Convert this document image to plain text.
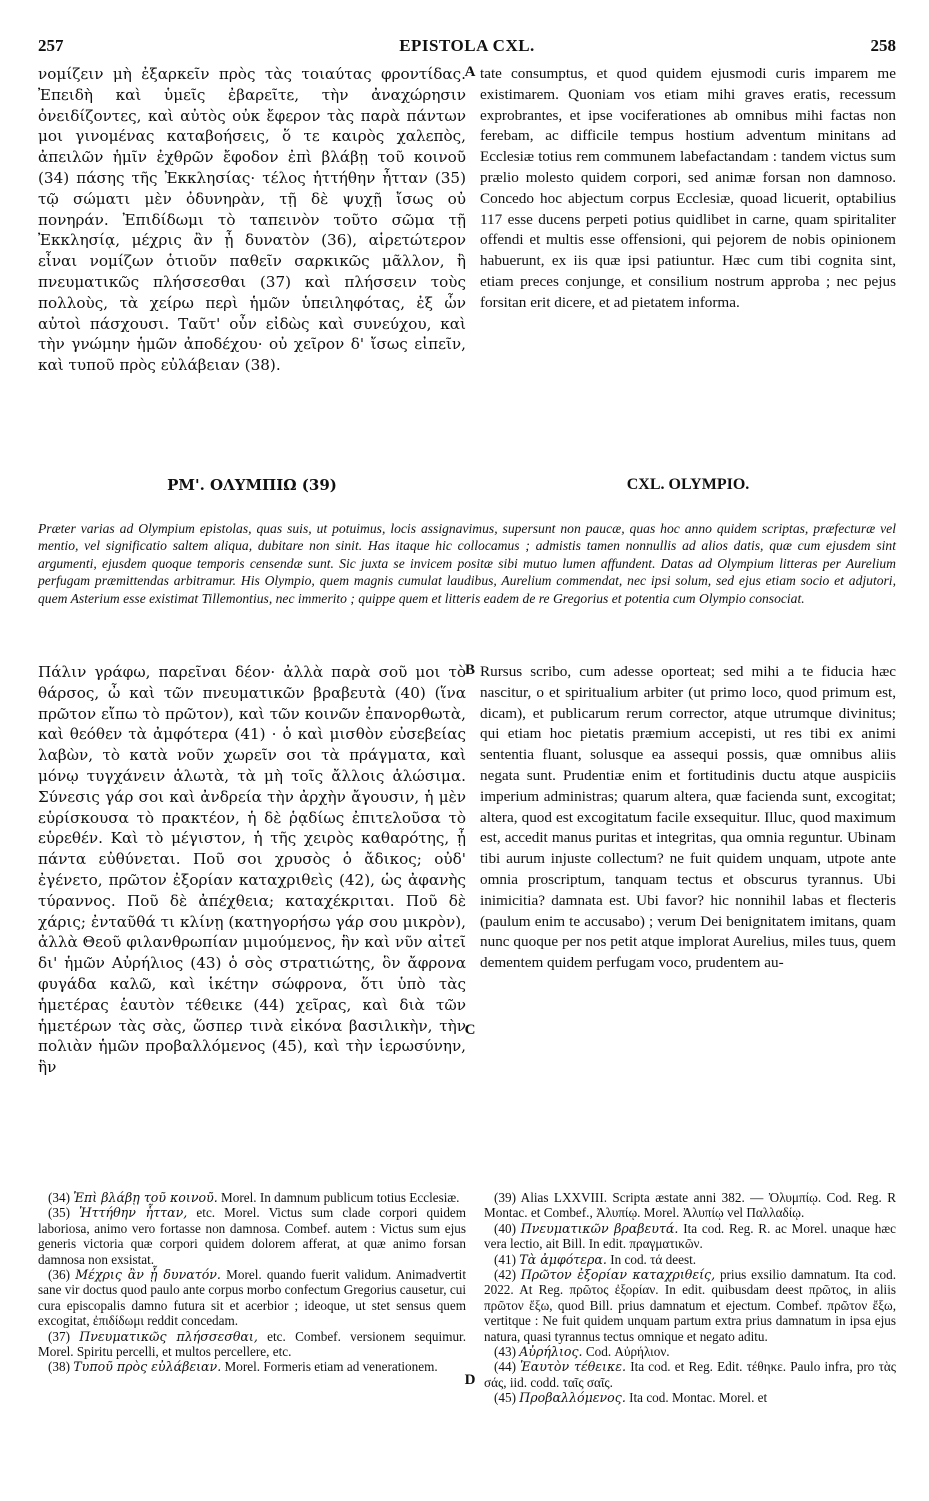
257	EPISTOLA CXL.	258

νομίζειν μὴ ἐξαρκεῖν πρὸς τὰς τοιαύτας φροντίδας. Ἐπειδὴ καὶ ὑμεῖς ἐβαρεῖτε, τὴν ἀναχώρησιν ὀνειδίζοντες, καὶ αὐτὸς οὐκ ἔφερον τὰς παρὰ πάντων μοι γινομένας καταβοήσεις, ὅ τε καιρὸς χαλεπὸς, ἀπειλῶν ἡμῖν ἐχθρῶν ἔφοδον ἐπὶ βλάβῃ τοῦ κοινοῦ (34) πάσης τῆς Ἐκκλησίας· τέλος ἡττήθην ἧτταν (35) τῷ σώματι μὲν ὀδυνηρὰν, τῇ δὲ ψυχῇ ἴσως οὐ πονηράν. Ἐπιδίδωμι τὸ ταπεινὸν τοῦτο σῶμα τῇ Ἐκκλησίᾳ, μέχρις ἂν ᾖ δυνατὸν (36), αἱρετώτερον εἶναι νομίζων ὁτιοῦν παθεῖν σαρκικῶς μᾶλλον, ἢ πνευματικῶς πλήσσεσθαι (37) καὶ πλήσσειν τοὺς πολλοὺς, τὰ χείρω περὶ ἡμῶν ὑπειληφότας, ἐξ ὧν αὐτοὶ πάσχουσι. Ταῦτ' οὖν εἰδὼς καὶ συνεύχου, καὶ τὴν γνώμην ἡμῶν ἀποδέχου· οὐ χεῖρον δ' ἴσως εἰπεῖν, καὶ τυποῦ πρὸς εὐλάβειαν (38).

tate consumptus, et quod quidem ejusmodi curis imparem me existimarem. Quoniam vos etiam mihi graves eratis, recessum exprobrantes, et ipse vociferationes ab omnibus mihi factas non ferebam, ac difficile tempus hostium adventum minitans ad Ecclesiæ totius rem communem labefactandam : tandem victus sum prælio molesto quidem corpori, sed animæ forsan non damnoso. Concedo hoc abjectum corpus Ecclesiæ, quoad licuerit, optabilius 117 esse ducens perpeti potius quidlibet in carne, quam spiritaliter offendi et multis esse offensioni, qui pejorem de nobis opinionem habuerunt, ex iis quæ ipsi patiuntur. Hæc cum tibi cognita sint, etiam preces conjunge, et consilium nostrum approba ; nec pejus forsitan erit dicere, et ad pietatem informa.

A
ΡΜ'. ΟΛΥΜΠΙΩ (39)	CXL. OLYMPIO.

Præter varias ad Olympium epistolas, quas suis, ut potuimus, locis assignavimus, supersunt non paucæ, quas hoc anno quidem scriptas, præfecturæ vel mentio, vel significatio saltem aliqua, dubitare non sinit. Has itaque hic collocamus ; admistis tamen nonnullis ad alios datis, quæ cum ejusdem sint argumenti, ejusdem quoque temporis censendæ sunt. Sic juxta se invicem positæ sibi mutuo lumen affundent. Datas ad Olympium litteras per Aurelium perfugam præmittendas arbitramur. His Olympio, quem magnis cumulat laudibus, Aurelium commendat, nec ipsi solum, sed ejus etiam socio et adjutori, quem Asterium esse existimat Tillemontius, nec immerito ; quippe quem et litteris eadem de re Gregorius et potentia cum Olympio consociat.

Πάλιν γράφω, παρεῖναι δέον· ἀλλὰ παρὰ σοῦ μοι τὸ θάρσος, ὦ καὶ τῶν πνευματικῶν βραβευτὰ (40) (ἵνα πρῶτον εἴπω τὸ πρῶτον), καὶ τῶν κοινῶν ἐπανορθωτὰ, καὶ θεόθεν τὰ ἀμφότερα (41) · ὁ καὶ μισθὸν εὐσεβείας λαβὼν, τὸ κατὰ νοῦν χωρεῖν σοι τὰ πράγματα, καὶ μόνῳ τυγχάνειν ἁλωτὰ, τὰ μὴ τοῖς ἄλλοις ἁλώσιμα. Σύνεσις γάρ σοι καὶ ἀνδρεία τὴν ἀρχὴν ἄγουσιν, ἡ μὲν εὑρίσκουσα τὸ πρακτέον, ἡ δὲ ῥᾳδίως ἐπιτελοῦσα τὸ εὑρεθέν. Καὶ τὸ μέγιστον, ἡ τῆς χειρὸς καθαρότης, ᾗ πάντα εὐθύνεται. Ποῦ σοι χρυσὸς ὁ ἄδικος; οὐδ' ἐγένετο, πρῶτον ἐξορίαν καταχριθεὶς (42), ὡς ἀφανὴς τύραννος. Ποῦ δὲ ἀπέχθεια; καταχέκριται. Ποῦ δὲ χάρις; ἐνταῦθά τι κλίνῃ (κατηγορήσω γάρ σου μικρὸν), ἀλλὰ Θεοῦ φιλανθρωπίαν μιμούμενος, ἣν καὶ νῦν αἰτεῖ δι' ἡμῶν Αὐρήλιος (43) ὁ σὸς στρατιώτης, ὃν ἄφρονα φυγάδα καλῶ, καὶ ἱκέτην σώφρονα, ὅτι ὑπὸ τὰς ἡμετέρας ἑαυτὸν τέθεικε (44) χεῖρας, καὶ διὰ τῶν ἡμετέρων τὰς σὰς, ὥσπερ τινὰ εἰκόνα βασιλικὴν, τὴν πολιὰν ἡμῶν προβαλλόμενος (45), καὶ τὴν ἱερωσύνην, ἣν

Rursus scribo, cum adesse oporteat; sed mihi a te fiducia hæc nascitur, o et spiritualium arbiter (ut primo loco, quod primum est, dicam), et publicarum rerum corrector, atque utrumque divinitus; qui etiam hoc pietatis præmium accepisti, ut res tibi ex animi sententia fluant, solusque ea assequi possis, quæ omnibus aliis negata sunt. Prudentiæ enim et fortitudinis ductu atque auspiciis imperium administras; quarum altera, quæ facienda sunt, excogitat; altera, quod est excogitatum facile exsequitur. Illuc, quod maximum est, accedit manus puritas et integritas, qua omnia reguntur. Ubinam tibi aurum injuste collectum? ne fuit quidem unquam, utpote ante omnia proscriptum, tanquam tectus et obscurus tyrannus. Ubi inimicitia? damnata est. Ubi favor? hic nonnihil labas et flecteris (paulum enim te accusabo) ; verum Dei benignitatem imitans, quam nunc quoque per nos petit atque implorat Aurelius, miles tuus, quem dementem quidem perfugam voco, prudentem au-

B
C
D

(34) Ἐπὶ βλάβῃ τοῦ κοινοῦ. Morel. In damnum publicum totius Ecclesiæ.

(35) Ἡττήθην ἧτταν, etc. Morel. Victus sum clade corpori quidem laboriosa, animo vero fortasse non damnosa. Combef. autem : Victus sum ejus generis victoria quæ corpori quidem dolorem afferat, at quæ animo forsan damnosa non exsistat.

(36) Μέχρις ἂν ᾖ δυνατόν. Morel. quando fuerit validum. Animadvertit sane vir doctus quod paulo ante corpus morbo confectum Gregorius causetur, cui cura episcopalis damno futura sit et acerbior ; ideoque, ut stet sensus quem excogitat, ἐπιδίδωμι reddit concedam.

(37) Πνευματικῶς πλήσσεσθαι, etc. Combef. versionem sequimur. Morel. Spiritu percelli, et multos percellere, etc.

(38) Τυποῦ πρὸς εὐλάβειαν. Morel. Formeris etiam ad venerationem.

(39) Alias LXXVIII. Scripta æstate anni 382. — Ὀλυμπίῳ. Cod. Reg. R Montac. et Combef., Ἀλυπίῳ. Morel. Ἀλυπίῳ vel Παλλαδίῳ.

(40) Πνευματικῶν βραβευτά. Ita cod. Reg. R. ac Morel. unaque hæc vera lectio, ait Bill. In edit. πραγματικῶν.

(41) Τὰ ἀμφότερα. In cod. τά deest.

(42) Πρῶτον ἐξορίαν καταχριθείς, prius exsilio damnatum. Ita cod. 2022. At Reg. πρῶτος ἐξορίαν. In edit. quibusdam deest πρῶτος, in aliis πρῶτον ἔξω, quod Bill. prius damnatum et ejectum. Combef. πρῶτον ἔξω, vertitque : Ne fuit quidem unquam partum extra prius damnatum in ipsa ejus natura, quasi tyrannus tectus omnique et negato aditu.

(43) Αὐρήλιος. Cod. Αὐρήλιον.

(44) Ἑαυτὸν τέθεικε. Ita cod. et Reg. Edit. τέθηκε. Paulo infra, pro τὰς σάς, iid. codd. ταῖς σαῖς.

(45) Προβαλλόμενος. Ita cod. Montac. Morel. et
